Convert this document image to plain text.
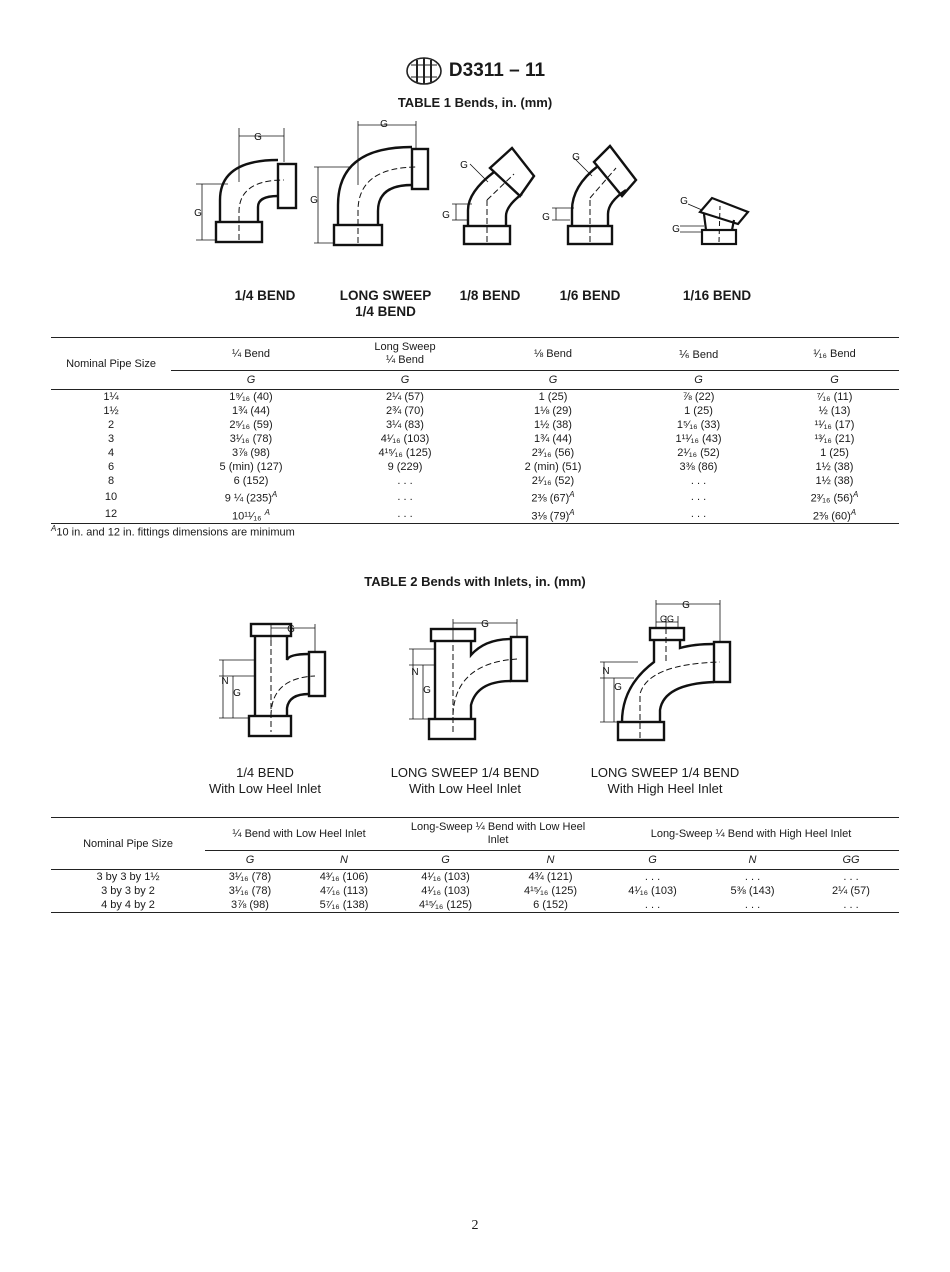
D3311 – 11
TABLE 1 Bends, in. (mm)
G
G
G
G
G
G
G
G
G
G
1/4 BEND	LONG SWEEP
1/4 BEND
1/8 BEND	1/6 BEND	1/16 BEND
Nominal Pipe Size	¼ Bend	Long Sweep
¼ Bend	⅛ Bend	⅙ Bend	¹⁄₁₆ Bend
	G	G	G	G	G
1¼	1⁹⁄₁₆ (40)	2¼ (57)	1 (25)	⅞ (22)	⁷⁄₁₆ (11)
1½	1¾ (44)	2¾ (70)	1⅛ (29)	1 (25)	½ (13)
2	2⁵⁄₁₆ (59)	3¼ (83)	1½ (38)	1⁵⁄₁₆ (33)	¹¹⁄₁₆ (17)
3	3¹⁄₁₆ (78)	4¹⁄₁₆ (103)	1¾ (44)	1¹¹⁄₁₆ (43)	¹³⁄₁₆ (21)
4	3⅞ (98)	4¹⁵⁄₁₆ (125)	2³⁄₁₆ (56)	2¹⁄₁₆ (52)	1 (25)
6	5 (min) (127)	9 (229)	2 (min) (51)	3⅜ (86)	1½ (38)
8	6 (152)	. . .	2¹⁄₁₆ (52)	. . .	1½ (38)
10	9 ¼ $(235)^A$	. . .	2⅜ $(67)^A$	. . .	2³⁄₁₆ $(56)^A$
12	10¹¹⁄₁₆ $^A$	. . .	3⅛ $(79)^A$	. . .	2⅜ $(60)^A$
$^A$10 in. and 12 in. fittings dimensions are minimum
TABLE 2 Bends with Inlets, in. (mm)
G
N
G
G
N
G
G
GG
N
G
1/4 BEND
With Low Heel Inlet
LONG SWEEP 1/4 BEND
With Low Heel Inlet
LONG SWEEP 1/4 BEND
With High Heel Inlet
Nominal Pipe Size	¼ Bend with Low Heel Inlet		Long-Sweep ¼ Bend with Low Heel
Inlet		Long-Sweep ¼ Bend with High Heel Inlet		
	G	N	G	N	G	N	GG
3 by 3 by 1½	3¹⁄₁₆ (78)	4³⁄₁₆ (106)	4¹⁄₁₆ (103)	4¾ (121)	. . .	. . .	. . .
3 by 3 by 2	3¹⁄₁₆ (78)	4⁷⁄₁₆ (113)	4¹⁄₁₆ (103)	4¹⁵⁄₁₆ (125)	4¹⁄₁₆ (103)	5⅜ (143)	2¼ (57)
4 by 4 by 2	3⅞ (98)	5⁷⁄₁₆ (138)	4¹⁵⁄₁₆ (125)	6 (152)	. . .	. . .	. . .
2
